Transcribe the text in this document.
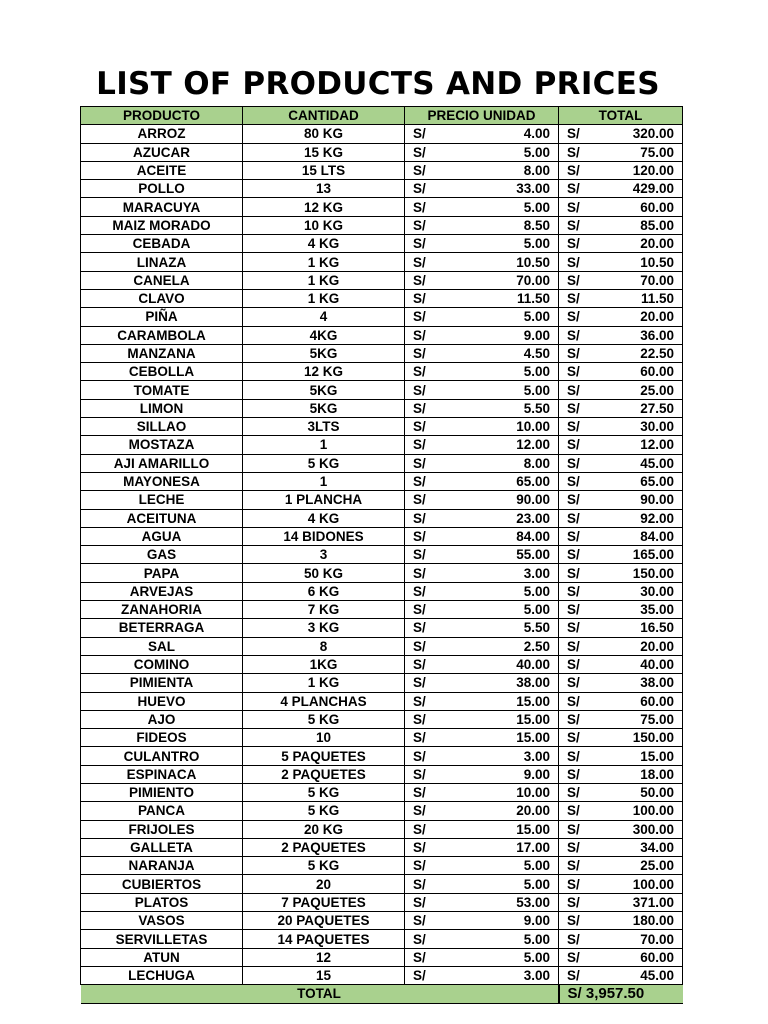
LIST OF PRODUCTS AND PRICES
PRODUCTO	CANTIDAD	PRECIO UNIDAD		TOTAL	
ARROZ	80 KG	S/	4.00	S/	320.00
AZUCAR	15 KG	S/	5.00	S/	75.00
ACEITE	15 LTS	S/	8.00	S/	120.00
POLLO	13	S/	33.00	S/	429.00
MARACUYA	12 KG	S/	5.00	S/	60.00
MAIZ MORADO	10 KG	S/	8.50	S/	85.00
CEBADA	4 KG	S/	5.00	S/	20.00
LINAZA	1 KG	S/	10.50	S/	10.50
CANELA	1 KG	S/	70.00	S/	70.00
CLAVO	1 KG	S/	11.50	S/	11.50
PIÑA	4	S/	5.00	S/	20.00
CARAMBOLA	4KG	S/	9.00	S/	36.00
MANZANA	5KG	S/	4.50	S/	22.50
CEBOLLA	12 KG	S/	5.00	S/	60.00
TOMATE	5KG	S/	5.00	S/	25.00
LIMON	5KG	S/	5.50	S/	27.50
SILLAO	3LTS	S/	10.00	S/	30.00
MOSTAZA	1	S/	12.00	S/	12.00
AJI AMARILLO	5 KG	S/	8.00	S/	45.00
MAYONESA	1	S/	65.00	S/	65.00
LECHE	1 PLANCHA	S/	90.00	S/	90.00
ACEITUNA	4 KG	S/	23.00	S/	92.00
AGUA	14 BIDONES	S/	84.00	S/	84.00
GAS	3	S/	55.00	S/	165.00
PAPA	50 KG	S/	3.00	S/	150.00
ARVEJAS	6 KG	S/	5.00	S/	30.00
ZANAHORIA	7 KG	S/	5.00	S/	35.00
BETERRAGA	3 KG	S/	5.50	S/	16.50
SAL	8	S/	2.50	S/	20.00
COMINO	1KG	S/	40.00	S/	40.00
PIMIENTA	1 KG	S/	38.00	S/	38.00
HUEVO	4 PLANCHAS	S/	15.00	S/	60.00
AJO	5 KG	S/	15.00	S/	75.00
FIDEOS	10	S/	15.00	S/	150.00
CULANTRO	5 PAQUETES	S/	3.00	S/	15.00
ESPINACA	2 PAQUETES	S/	9.00	S/	18.00
PIMIENTO	5 KG	S/	10.00	S/	50.00
PANCA	5 KG	S/	20.00	S/	100.00
FRIJOLES	20 KG	S/	15.00	S/	300.00
GALLETA	2 PAQUETES	S/	17.00	S/	34.00
NARANJA	5 KG	S/	5.00	S/	25.00
CUBIERTOS	20	S/	5.00	S/	100.00
PLATOS	7 PAQUETES	S/	53.00	S/	371.00
VASOS	20 PAQUETES	S/	9.00	S/	180.00
SERVILLETAS	14 PAQUETES	S/	5.00	S/	70.00
ATUN	12	S/	5.00	S/	60.00
LECHUGA	15	S/	3.00	S/	45.00
TOTAL				S/ 3,957.50	
